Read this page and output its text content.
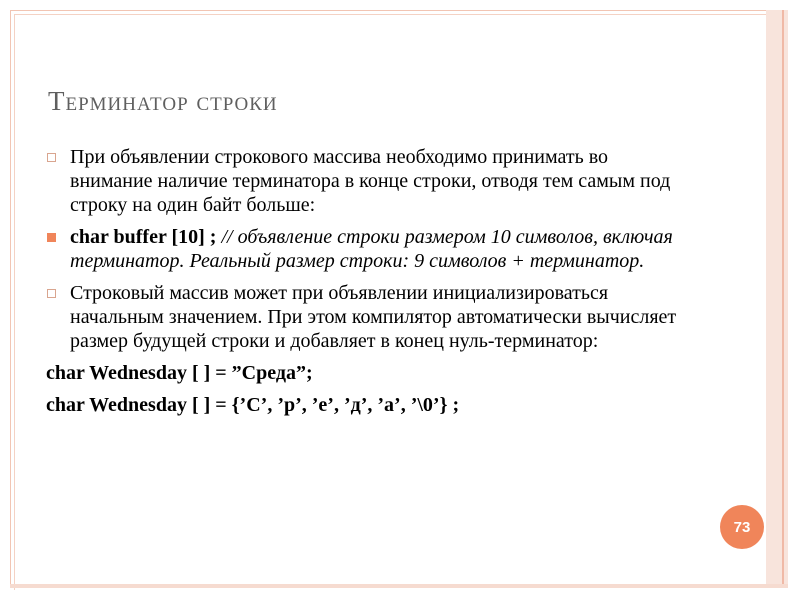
Терминатор строки
При объявлении строкового массива необходимо принимать во внимание наличие терминатора в конце строки, отводя тем самым под строку на один байт больше:
char buffer [10] ; // объявление строки размером 10 символов, включая терминатор. Реальный размер строки: 9 символов + терминатор.
Строковый массив может при объявлении инициализироваться начальным значением. При этом компилятор автоматически вычисляет размер будущей строки и добавляет в конец нуль-терминатор:
char Wednesday [ ] = ”Среда”;
char Wednesday [ ] = {’С’, ’р’, ’е’, ’д’, ’а’, ’\0’} ;
73
